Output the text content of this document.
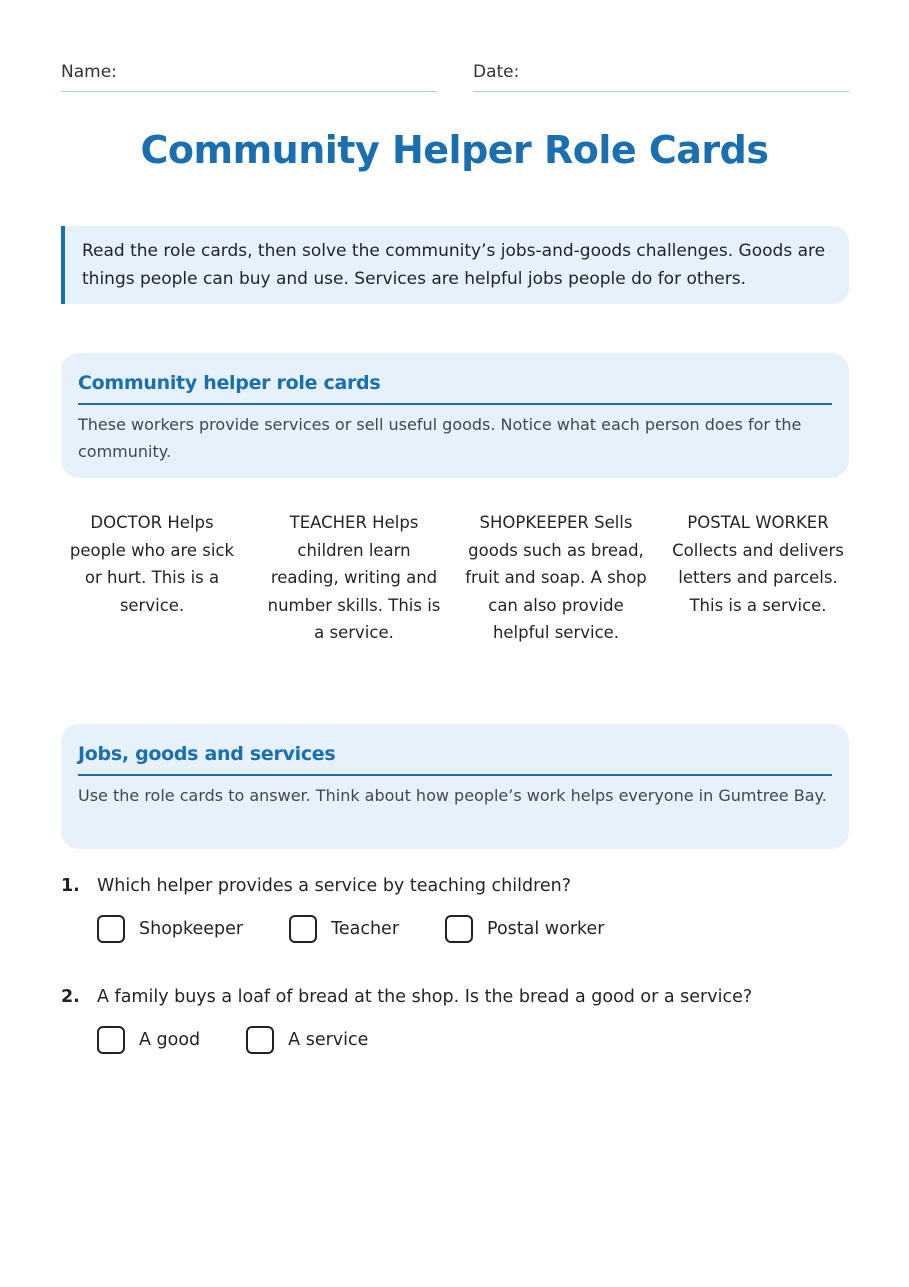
Name:	Date:
Community Helper Role Cards
Read the role cards, then solve the community’s jobs-and-goods challenges. Goods are things people can buy and use. Services are helpful jobs people do for others.
Community helper role cards

These workers provide services or sell useful goods. Notice what each person does for the community.

DOCTOR Helps people who are sick or hurt. This is a service.
TEACHER Helps children learn reading, writing and number skills. This is a service.
SHOPKEEPER Sells goods such as bread, fruit and soap. A shop can also provide helpful service.
POSTAL WORKER Collects and delivers letters and parcels. This is a service.
Jobs, goods and services

Use the role cards to answer. Think about how people’s work helps everyone in Gumtree Bay.

1. Which helper provides a service by teaching children?
Shopkeeper	Teacher	Postal worker
2. A family buys a loaf of bread at the shop. Is the bread a good or a service?
A good	A service
